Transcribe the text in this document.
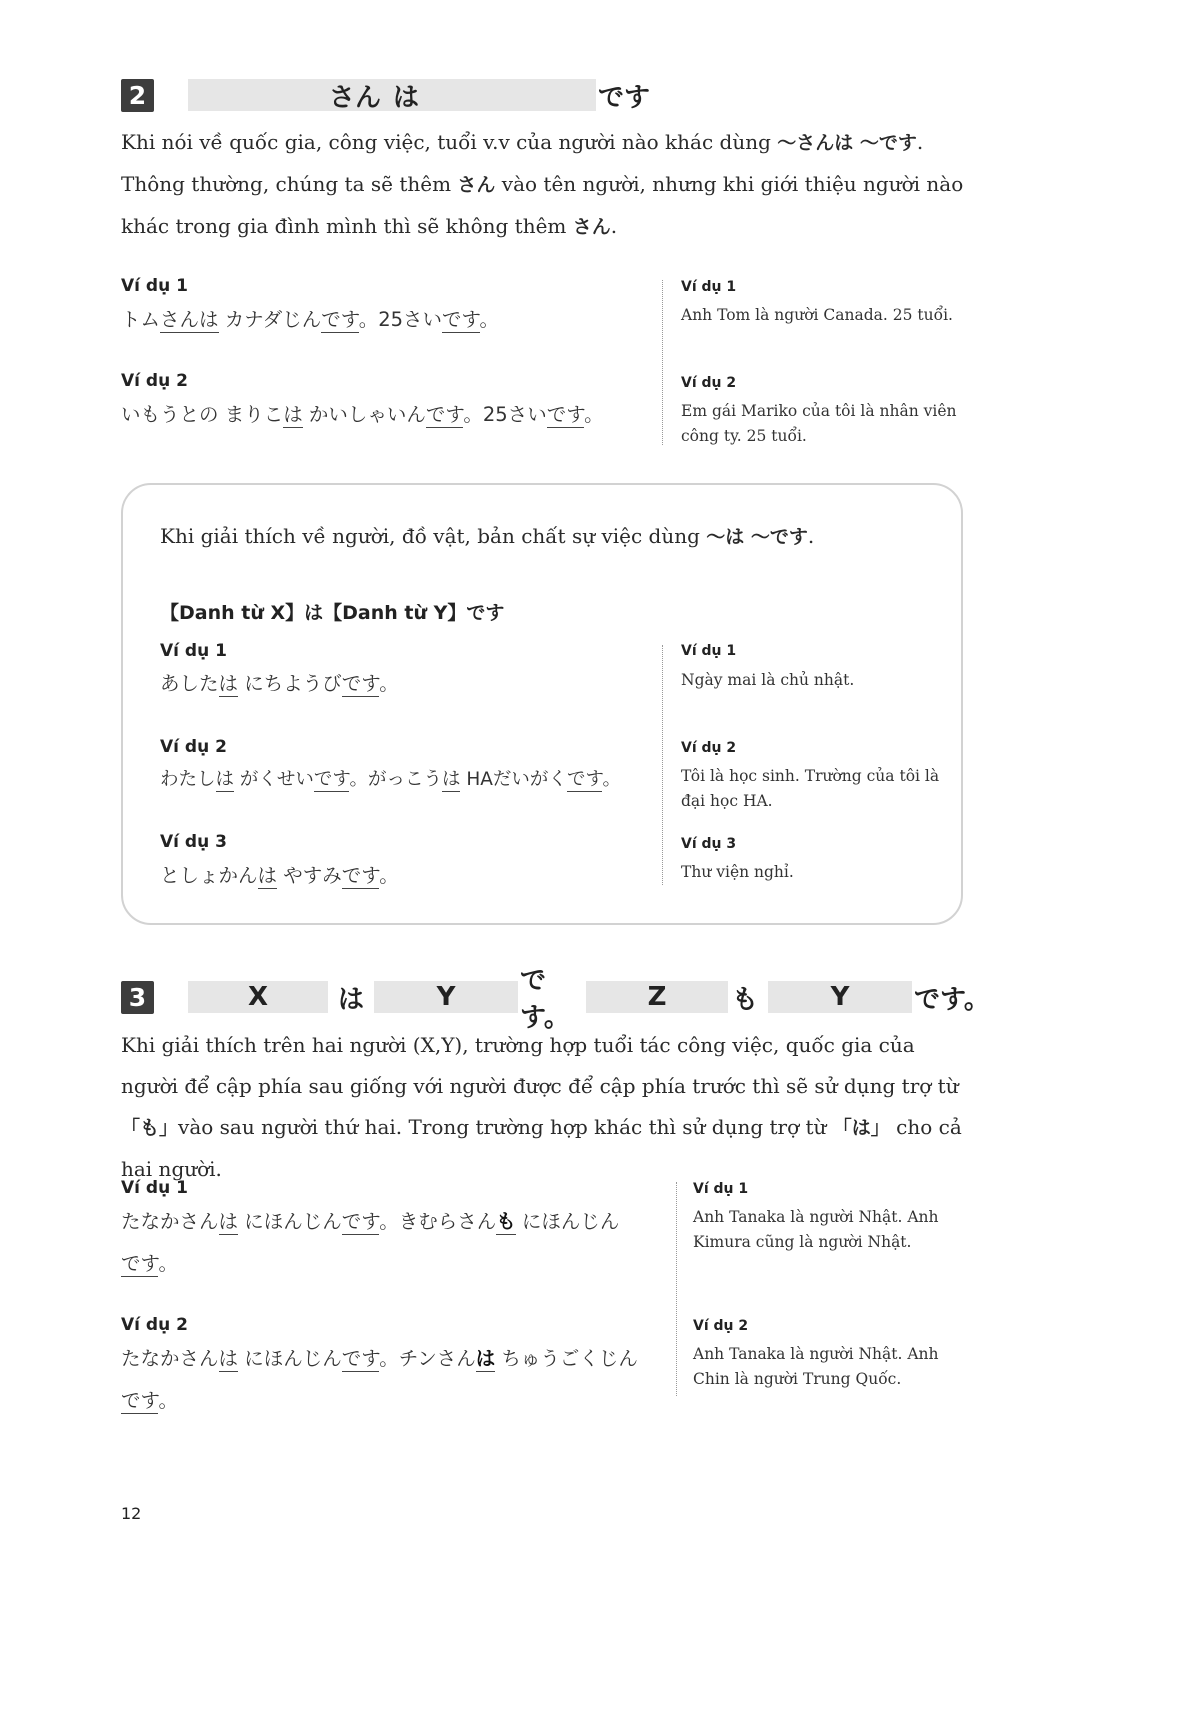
2	さん は	です

Khi nói về quốc gia, công việc, tuổi v.v của người nào khác dùng 〜さんは 〜です. Thông thường, chúng ta sẽ thêm さん vào tên người, nhưng khi giới thiệu người nào khác trong gia đình mình thì sẽ không thêm さん.

Ví dụ 1
トムさんは カナダじんです。25さいです。
Ví dụ 2
いもうとの まりこは かいしゃいんです。25さいです。
Ví dụ 1

Anh Tom là người Canada. 25 tuổi.

Ví dụ 2

Em gái Mariko của tôi là nhân viên công ty. 25 tuổi.

Khi giải thích về người, đồ vật, bản chất sự việc dùng 〜は 〜です.

【Danh từ X】は【Danh từ Y】です
Ví dụ 1
あしたは にちようびです。
Ví dụ 2
わたしは がくせいです。がっこうは HAだいがくです。
Ví dụ 3
としょかんは やすみです。
Ví dụ 1

Ngày mai là chủ nhật.

Ví dụ 2

Tôi là học sinh. Trường của tôi là đại học HA.

Ví dụ 3

Thư viện nghỉ.

3	X	は	Y
です。
Z	も	Y です。

Khi giải thích trên hai người (X,Y), trường hợp tuổi tác công việc, quốc gia của người để cập phía sau giống với người được để cập phía trước thì sẽ sử dụng trợ từ 「も」vào sau người thứ hai. Trong trường hợp khác thì sử dụng trợ từ 「は」 cho cả hai người.

Ví dụ 1
たなかさんは にほんじんです。きむらさんも にほんじん
です。
Ví dụ 2
たなかさんは にほんじんです。チンさんは ちゅうごくじん
です。
Ví dụ 1

Anh Tanaka là người Nhật. Anh Kimura cũng là người Nhật.

Ví dụ 2

Anh Tanaka là người Nhật. Anh Chin là người Trung Quốc.

12
